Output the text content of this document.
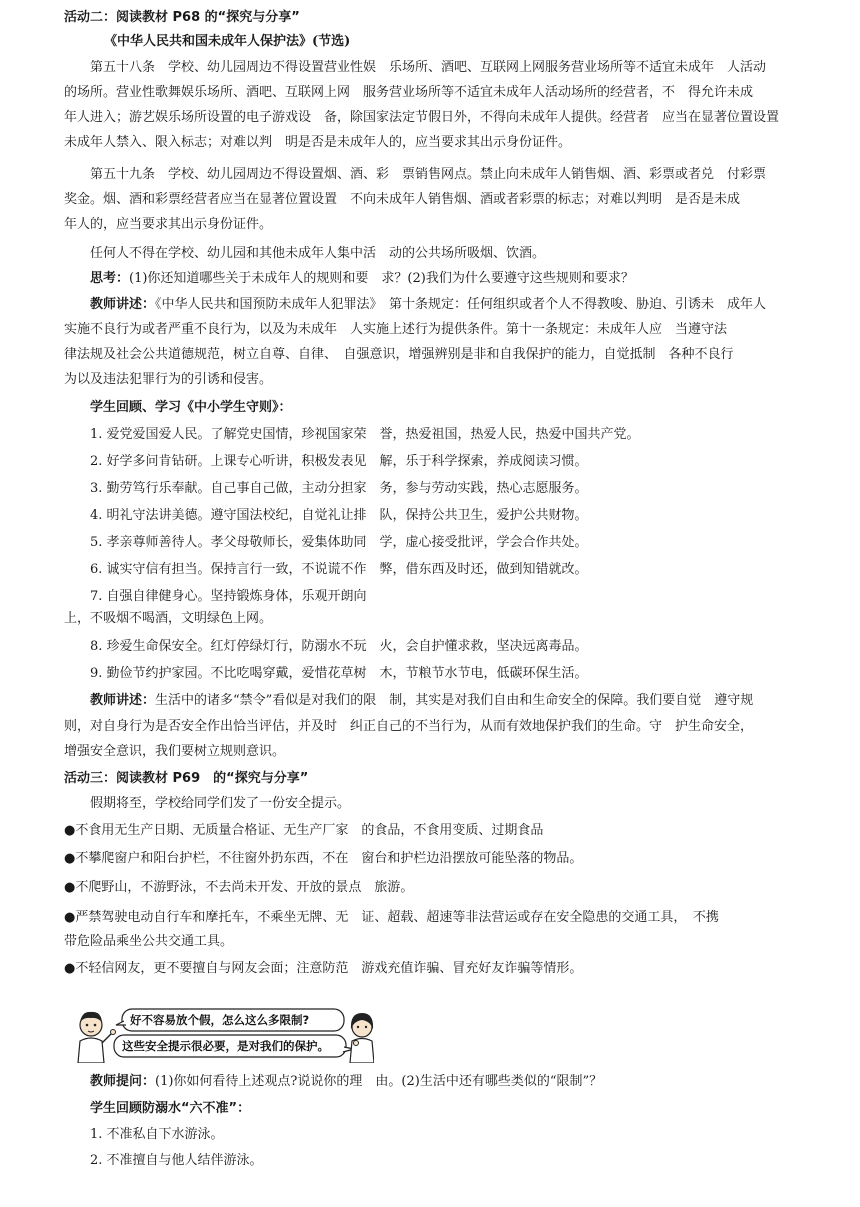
活动二：阅读教材 P68 的“探究与分享”
《中华人民共和国未成年人保护法》(节选)
第五十八条　学校、幼儿园周边不得设置营业性娱　乐场所、酒吧、互联网上网服务营业场所等不适宜未成年　人活动
的场所。营业性歌舞娱乐场所、酒吧、互联网上网　服务营业场所等不适宜未成年人活动场所的经营者，不　得允许未成
年人进入；游艺娱乐场所设置的电子游戏设　备，除国家法定节假日外，不得向未成年人提供。经营者　应当在显著位置设置
未成年人禁入、限入标志；对难以判　明是否是未成年人的，应当要求其出示身份证件。
第五十九条　学校、幼儿园周边不得设置烟、酒、彩　票销售网点。禁止向未成年人销售烟、酒、彩票或者兑　付彩票
奖金。烟、酒和彩票经营者应当在显著位置设置　不向未成年人销售烟、酒或者彩票的标志；对难以判明　是否是未成
年人的，应当要求其出示身份证件。
任何人不得在学校、幼儿园和其他未成年人集中活　动的公共场所吸烟、饮酒。
思考：(1)你还知道哪些关于未成年人的规则和要　求？(2)我们为什么要遵守这些规则和要求？
教师讲述：《中华人民共和国预防未成年人犯罪法》　第十条规定：任何组织或者个人不得教唆、胁迫、引诱未　成年人
实施不良行为或者严重不良行为，以及为未成年　人实施上述行为提供条件。第十一条规定：未成年人应　当遵守法
律法规及社会公共道德规范，树立自尊、自律、　自强意识，增强辨别是非和自我保护的能力，自觉抵制　各种不良行
为以及违法犯罪行为的引诱和侵害。
学生回顾、学习《中小学生守则》：
1. 爱党爱国爱人民。了解党史国情，珍视国家荣　誉，热爱祖国，热爱人民，热爱中国共产党。
2. 好学多问肯钻研。上课专心听讲，积极发表见　解，乐于科学探索，养成阅读习惯。
3. 勤劳笃行乐奉献。自己事自己做，主动分担家　务，参与劳动实践，热心志愿服务。
4. 明礼守法讲美德。遵守国法校纪，自觉礼让排　队，保持公共卫生，爱护公共财物。
5. 孝亲尊师善待人。孝父母敬师长，爱集体助同　学，虚心接受批评，学会合作共处。
6. 诚实守信有担当。保持言行一致，不说谎不作　弊，借东西及时还，做到知错就改。
7. 自强自律健身心。坚持锻炼身体，乐观开朗向
上，不吸烟不喝酒，文明绿色上网。
8. 珍爱生命保安全。红灯停绿灯行，防溺水不玩　火，会自护懂求救，坚决远离毒品。
9. 勤俭节约护家园。不比吃喝穿戴，爱惜花草树　木，节粮节水节电，低碳环保生活。
教师讲述：生活中的诸多“禁令”看似是对我们的限　制，其实是对我们自由和生命安全的保障。我们要自觉　遵守规
则，对自身行为是否安全作出恰当评估，并及时　纠正自己的不当行为，从而有效地保护我们的生命。守　护生命安全，
增强安全意识，我们要树立规则意识。
活动三：阅读教材 P69　的“探究与分享”
假期将至，学校给同学们发了一份安全提示。
●不食用无生产日期、无质量合格证、无生产厂家　的食品，不食用变质、过期食品
●不攀爬窗户和阳台护栏，不往窗外扔东西，不在　窗台和护栏边沿摆放可能坠落的物品。
●不爬野山，不游野泳，不去尚未开发、开放的景点　旅游。
●严禁驾驶电动自行车和摩托车，不乘坐无牌、无　证、超载、超速等非法营运或存在安全隐患的交通工具，　不携
带危险品乘坐公共交通工具。
●不轻信网友，更不要擅自与网友会面；注意防范　游戏充值诈骗、冒充好友诈骗等情形。
好不容易放个假，怎么这么多限制?
这些安全提示很必要，是对我们的保护。
教师提问：(1)你如何看待上述观点?说说你的理　由。(2)生活中还有哪些类似的“限制”？
学生回顾防溺水“六不准”：
1. 不准私自下水游泳。
2. 不准擅自与他人结伴游泳。
